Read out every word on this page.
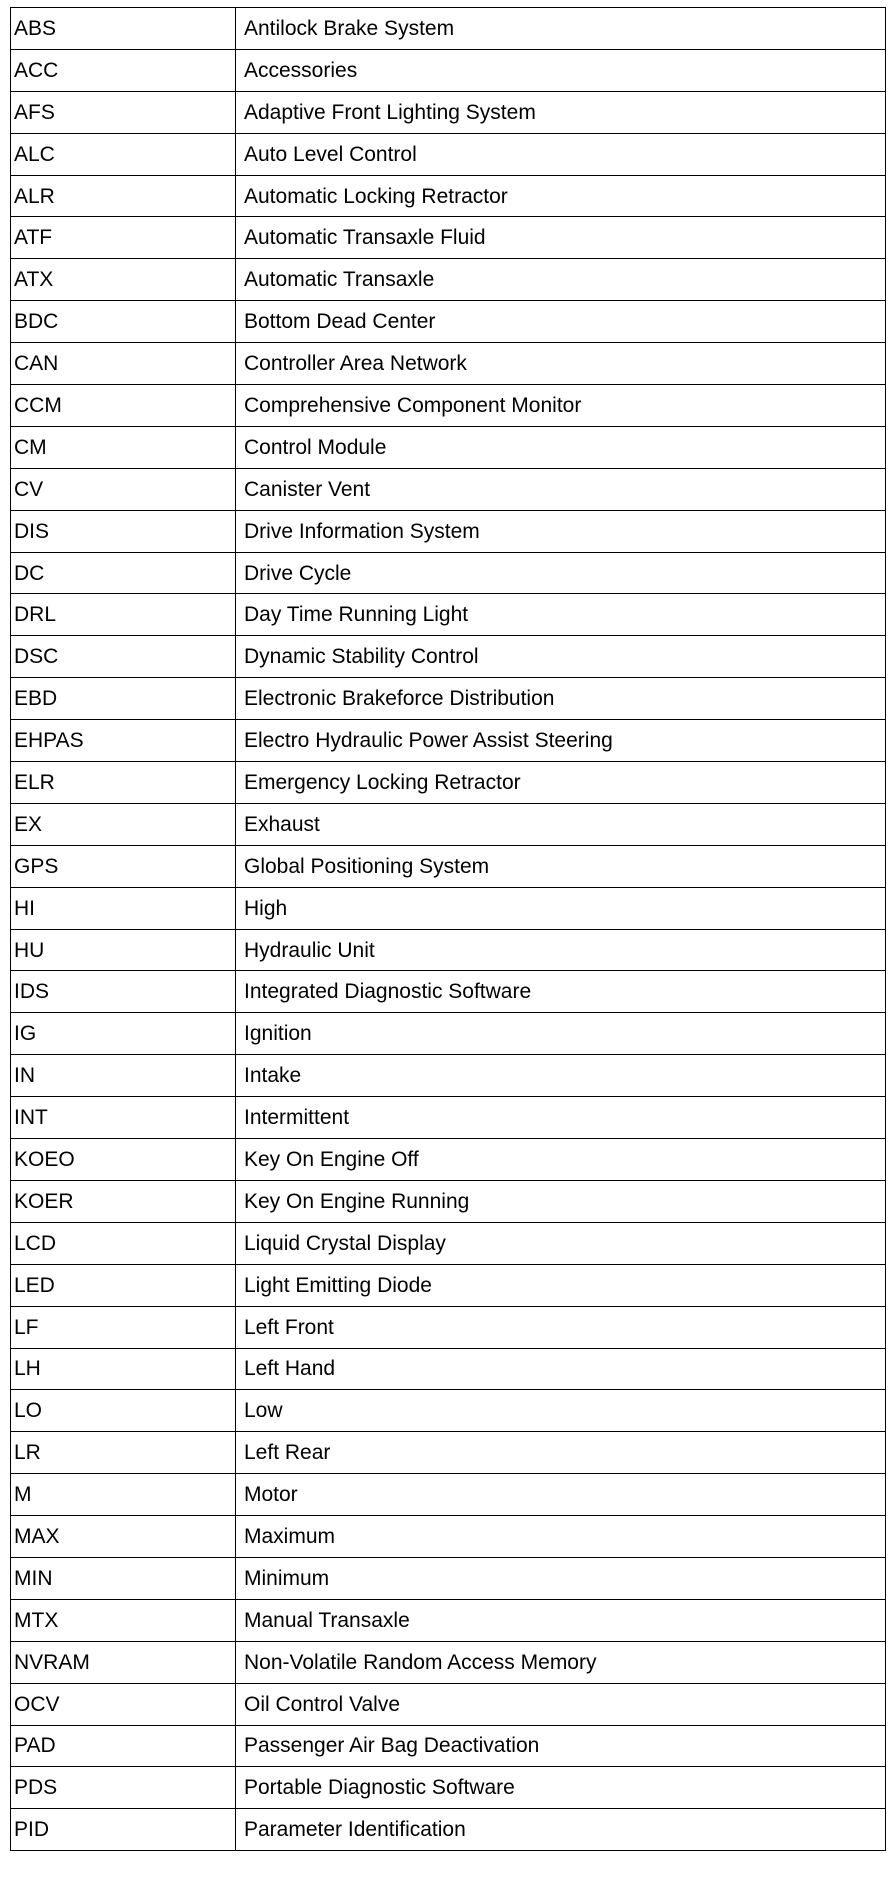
ABS	Antilock Brake System
ACC	Accessories
AFS	Adaptive Front Lighting System
ALC	Auto Level Control
ALR	Automatic Locking Retractor
ATF	Automatic Transaxle Fluid
ATX	Automatic Transaxle
BDC	Bottom Dead Center
CAN	Controller Area Network
CCM	Comprehensive Component Monitor
CM	Control Module
CV	Canister Vent
DIS	Drive Information System
DC	Drive Cycle
DRL	Day Time Running Light
DSC	Dynamic Stability Control
EBD	Electronic Brakeforce Distribution
EHPAS	Electro Hydraulic Power Assist Steering
ELR	Emergency Locking Retractor
EX	Exhaust
GPS	Global Positioning System
HI	High
HU	Hydraulic Unit
IDS	Integrated Diagnostic Software
IG	Ignition
IN	Intake
INT	Intermittent
KOEO	Key On Engine Off
KOER	Key On Engine Running
LCD	Liquid Crystal Display
LED	Light Emitting Diode
LF	Left Front
LH	Left Hand
LO	Low
LR	Left Rear
M	Motor
MAX	Maximum
MIN	Minimum
MTX	Manual Transaxle
NVRAM	Non-Volatile Random Access Memory
OCV	Oil Control Valve
PAD	Passenger Air Bag Deactivation
PDS	Portable Diagnostic Software
PID	Parameter Identification
